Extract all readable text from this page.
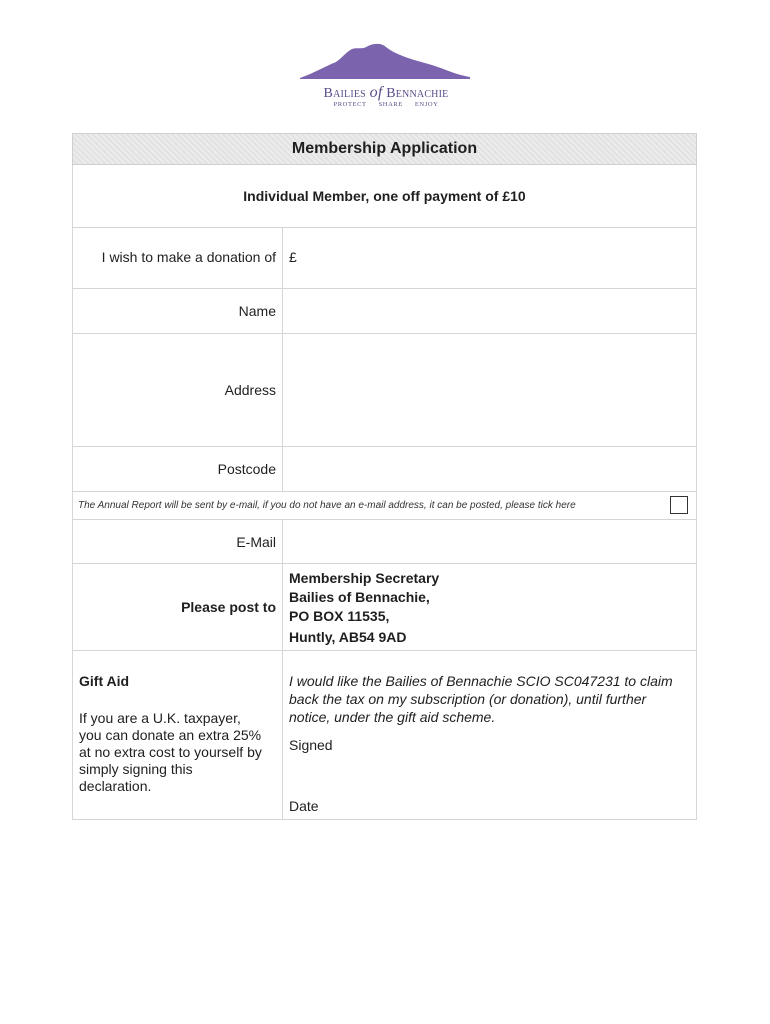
Bailies of Bennachie
PROTECT SHARE ENJOY
Membership Application
Individual Member, one off payment of £10
I wish to make a donation of £
Name
Address
Postcode
The Annual Report will be sent by e-mail, if you do not have an e-mail address, it can be posted, please tick here
E-Mail
Please post to
Membership Secretary
Bailies of Bennachie,
PO BOX 11535,
Huntly, AB54 9AD
Gift Aid
If you are a U.K. taxpayer, you can donate an extra 25% at no extra cost to yourself by simply signing this declaration.
I would like the Bailies of Bennachie SCIO SC047231 to claim back the tax on my subscription (or donation), until further notice, under the gift aid scheme.
Signed
Date
